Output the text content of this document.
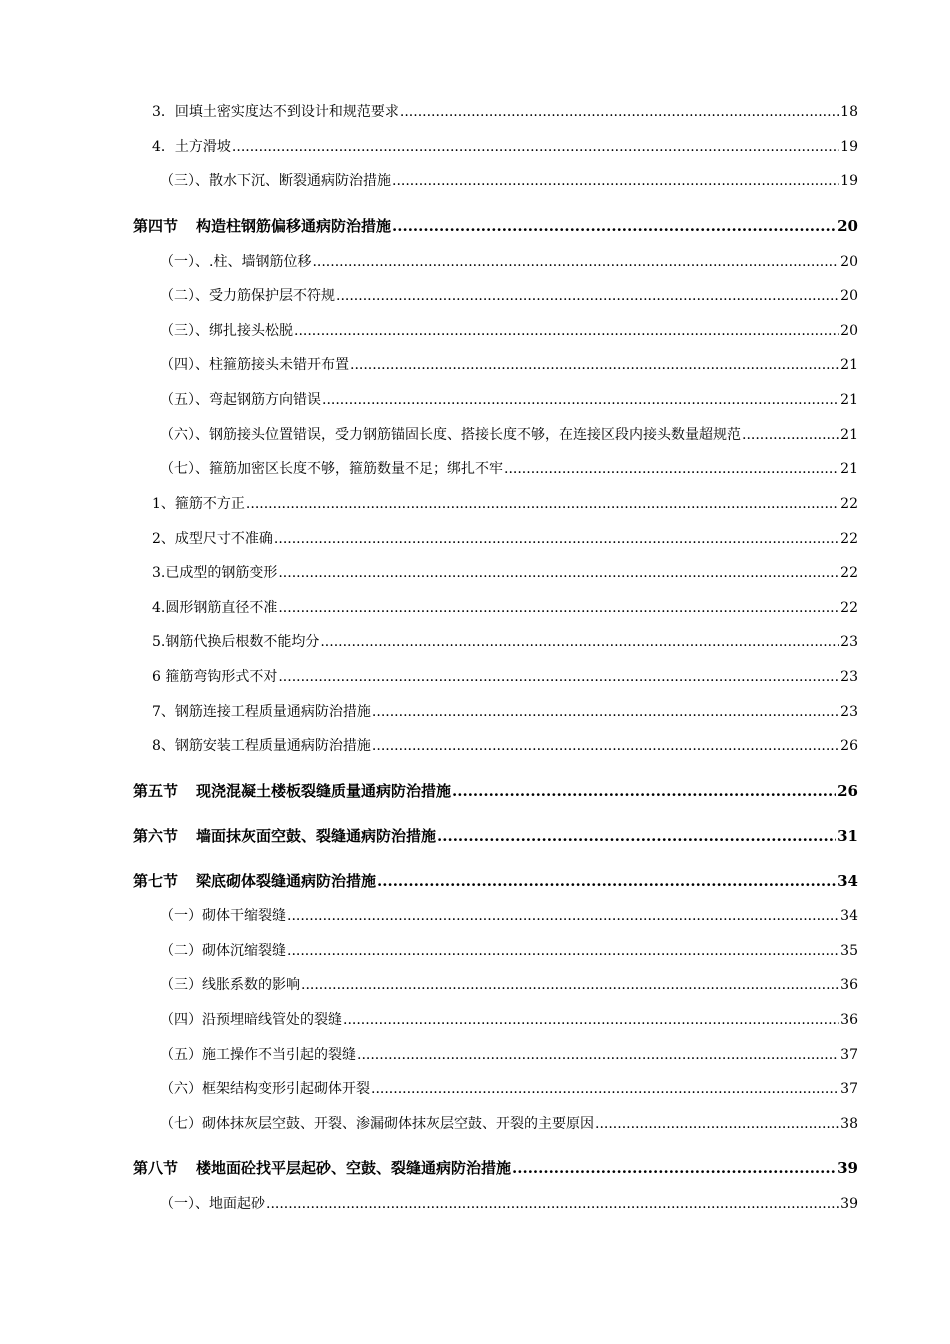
3．回填土密实度达不到设计和规范要求 .....	18
4．土方滑坡 .....	19
（三）、散水下沉、断裂通病防治措施 .....	19
第四节 构造柱钢筋偏移通病防治措施 .....	20
（一）、.柱、墙钢筋位移 .....	20
（二）、受力筋保护层不符规 .....	20
（三）、绑扎接头松脱 .....	20
（四）、柱箍筋接头未错开布置 .....	21
（五）、弯起钢筋方向错误 .....	21
（六）、钢筋接头位置错误，受力钢筋锚固长度、搭接长度不够，在连接区段内接头数量超规范 .....	21
（七）、箍筋加密区长度不够，箍筋数量不足；绑扎不牢 .....	21
1、箍筋不方正 .....	22
2、成型尺寸不准确 .....	22
3.已成型的钢筋变形 .....	22
4.圆形钢筋直径不准 .....	22
5.钢筋代换后根数不能均分 .....	23
6 箍筋弯钩形式不对 .....	23
7、钢筋连接工程质量通病防治措施 .....	23
8、钢筋安装工程质量通病防治措施 .....	26
第五节 现浇混凝土楼板裂缝质量通病防治措施 .....	26
第六节 墙面抹灰面空鼓、裂缝通病防治措施 .....	31
第七节 梁底砌体裂缝通病防治措施 .....	34
（一）砌体干缩裂缝 .....	34
（二）砌体沉缩裂缝 .....	35
（三）线胀系数的影响 .....	36
（四）沿预埋暗线管处的裂缝 .....	36
（五）施工操作不当引起的裂缝 .....	37
（六）框架结构变形引起砌体开裂 .....	37
（七）砌体抹灰层空鼓、开裂、渗漏砌体抹灰层空鼓、开裂的主要原因 .....	38
第八节 楼地面砼找平层起砂、空鼓、裂缝通病防治措施 .....	39
（一）、地面起砂 .....	39
